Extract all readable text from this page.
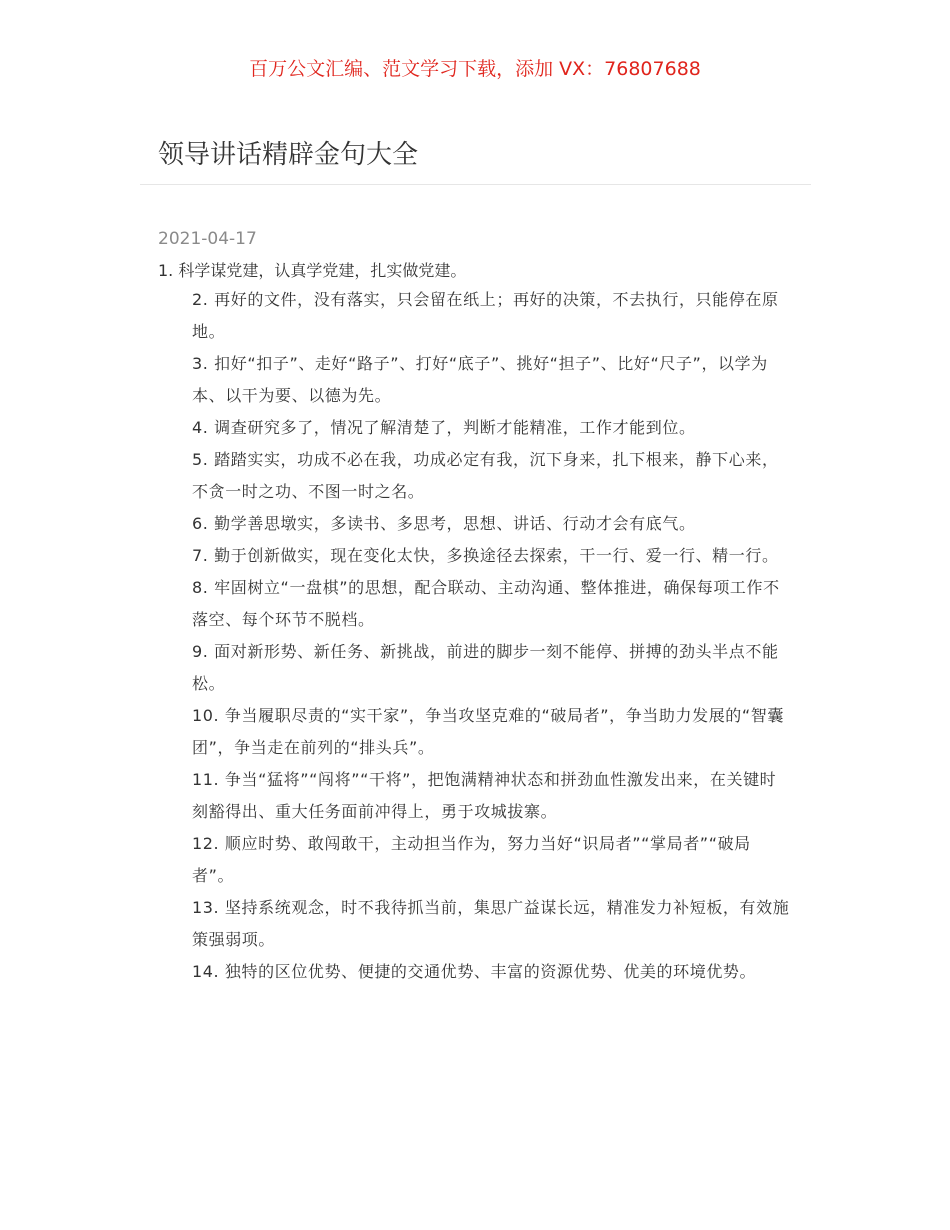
百万公文汇编、范文学习下载，添加 VX：76807688
领导讲话精辟金句大全
2021-04-17
1. 科学谋党建，认真学党建，扎实做党建。
2. 再好的文件，没有落实，只会留在纸上；再好的决策，不去执行，只能停在原地。
3. 扣好“扣子”、走好“路子”、打好“底子”、挑好“担子”、比好“尺子”，以学为本、以干为要、以德为先。
4. 调查研究多了，情况了解清楚了，判断才能精准，工作才能到位。
5. 踏踏实实，功成不必在我，功成必定有我，沉下身来，扎下根来，静下心来，不贪一时之功、不图一时之名。
6. 勤学善思墩实，多读书、多思考，思想、讲话、行动才会有底气。
7. 勤于创新做实，现在变化太快，多换途径去探索，干一行、爱一行、精一行。
8. 牢固树立“一盘棋”的思想，配合联动、主动沟通、整体推进，确保每项工作不落空、每个环节不脱档。
9. 面对新形势、新任务、新挑战，前进的脚步一刻不能停、拼搏的劲头半点不能松。
10. 争当履职尽责的“实干家”，争当攻坚克难的“破局者”，争当助力发展的“智囊团”，争当走在前列的“排头兵”。
11. 争当“猛将”“闯将”“干将”，把饱满精神状态和拼劲血性激发出来，在关键时刻豁得出、重大任务面前冲得上，勇于攻城拔寨。
12. 顺应时势、敢闯敢干，主动担当作为，努力当好“识局者”“掌局者”“破局者”。
13. 坚持系统观念，时不我待抓当前，集思广益谋长远，精准发力补短板，有效施策强弱项。
14. 独特的区位优势、便捷的交通优势、丰富的资源优势、优美的环境优势。
